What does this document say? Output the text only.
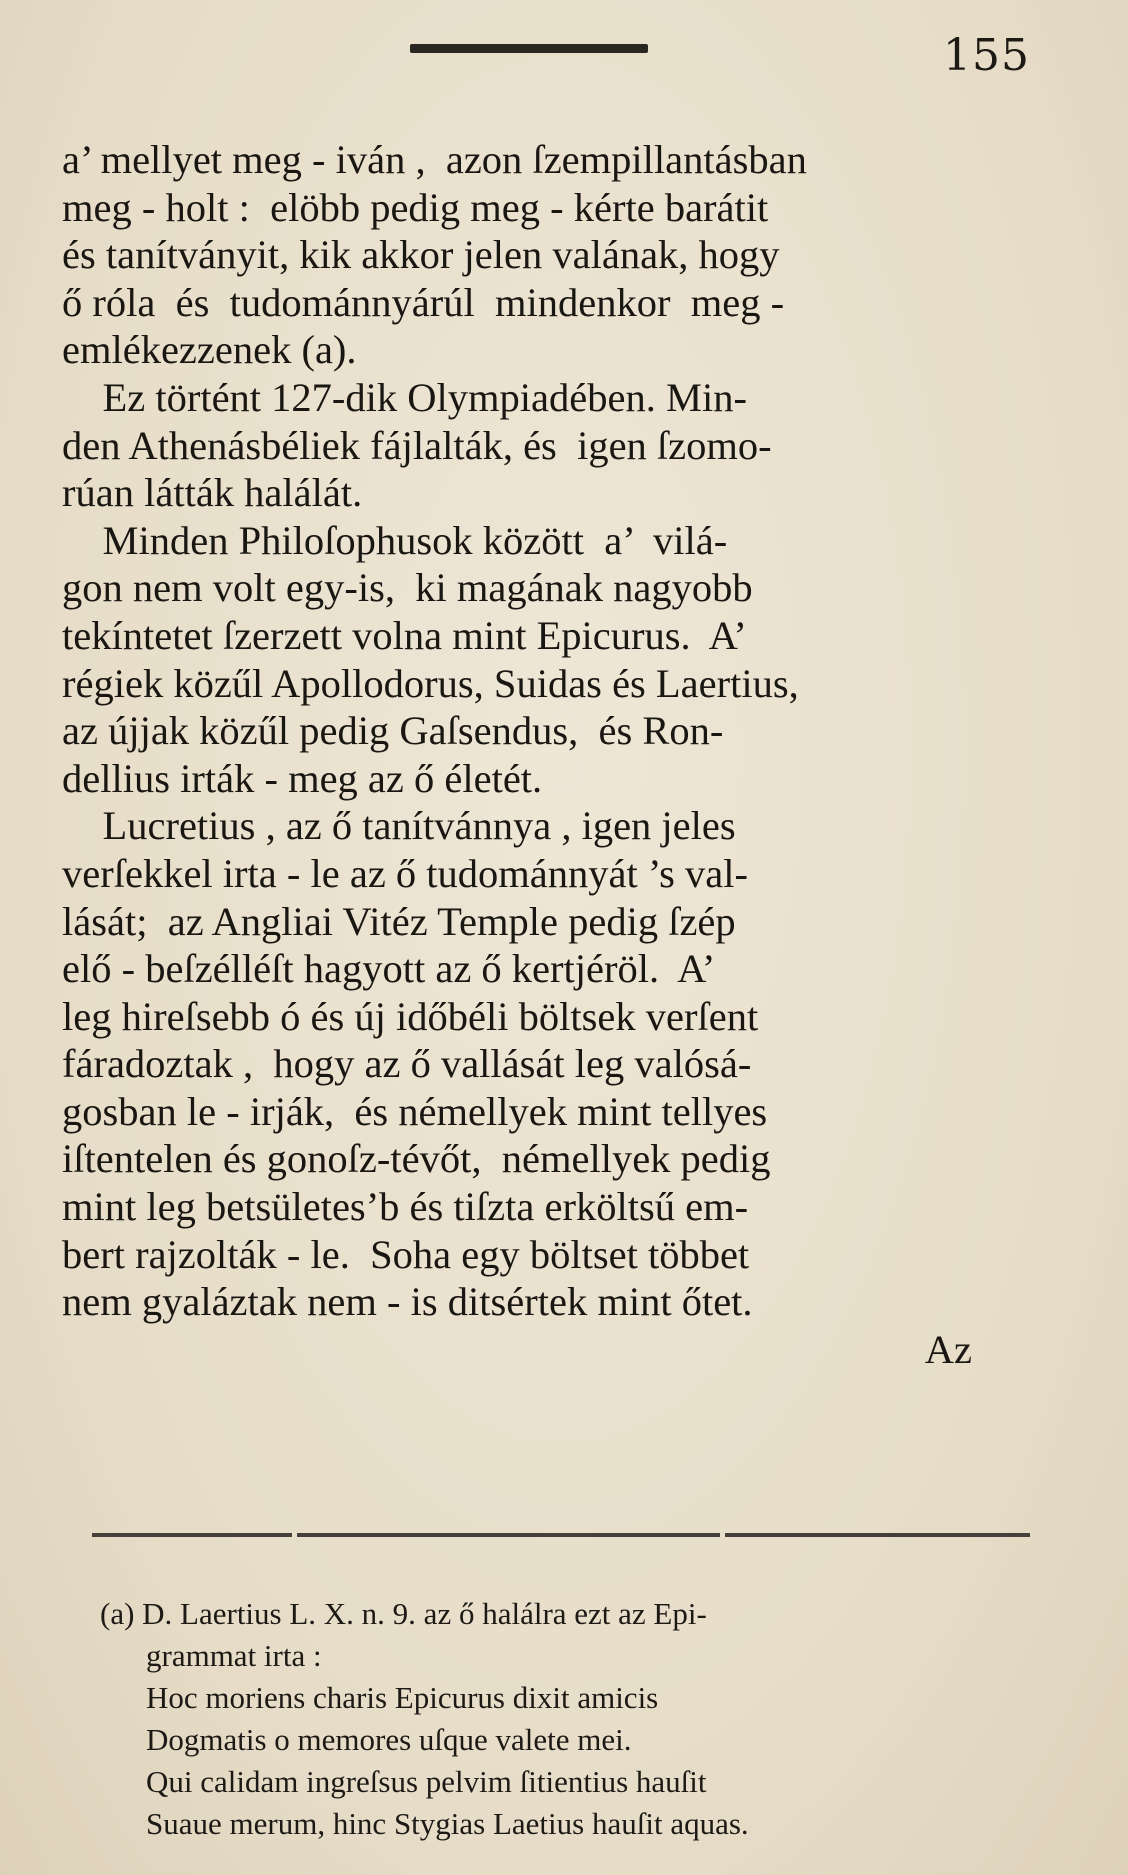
155
a’ mellyet meg - iván ,  azon ſzempillantásban
meg - holt :  elöbb pedig meg - kérte barátit
és tanítványit, kik akkor jelen valának, hogy
ő róla  és  tudománnyárúl  mindenkor  meg -
emlékezzenek (a).
Ez történt 127-dik Olympiadében. Min-
den Athenásbéliek fájlalták, és  igen ſzomo-
rúan látták halálát.
Minden Philoſophusok között  a’  vilá-
gon nem volt egy-is,  ki magának nagyobb
tekíntetet ſzerzett volna mint Epicurus.  A’
régiek közűl Apollodorus, Suidas és Laertius,
az újjak közűl pedig Gaſsendus,  és Ron-
dellius irták - meg az ő életét.
Lucretius , az ő tanítvánnya , igen jeles
verſekkel irta - le az ő tudománnyát ’s val-
lását;  az Angliai Vitéz Temple pedig ſzép
elő - beſzélléſt hagyott az ő kertjéröl.  A’
leg hireſsebb ó és új időbéli böltsek verſent
fáradoztak ,  hogy az ő vallását leg valósá-
gosban le - irják,  és némellyek mint tellyes
iſtentelen és gonoſz-tévőt,  némellyek pedig
mint leg betsületes’b és tiſzta erköltsű em-
bert rajzolták - le.  Soha egy böltset többet
nem gyaláztak nem - is ditsértek mint őtet.
Az
(a) D. Laertius L. X. n. 9. az ő halálra ezt az Epi-
grammat irta :
Hoc moriens charis Epicurus dixit amicis
Dogmatis o memores uſque valete mei.
Qui calidam ingreſsus pelvim ſitientius hauſit
Suaue merum, hinc Stygias Laetius hauſit aquas.
